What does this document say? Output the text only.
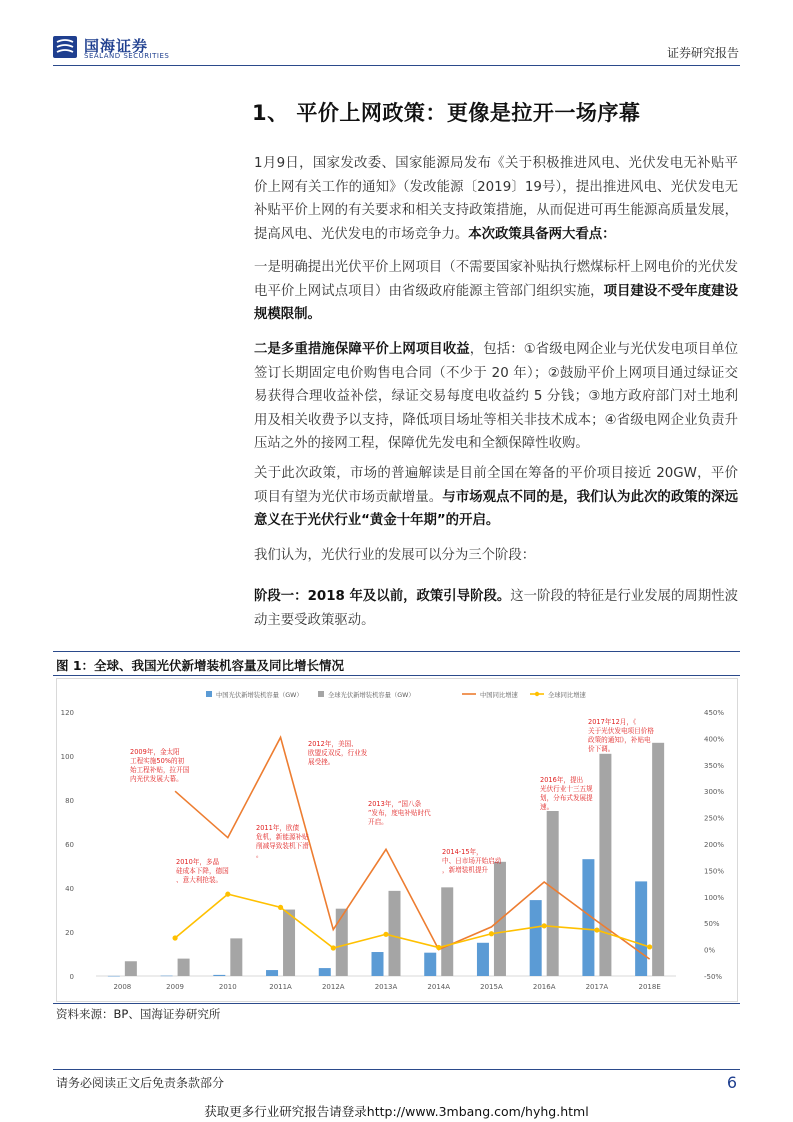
国海证券
SEALAND SECURITIES	证券研究报告
1、 平价上网政策：更像是拉开一场序幕
1月9日，国家发改委、国家能源局发布《关于积极推进风电、光伏发电无补贴平价上网有关工作的通知》（发改能源〔2019〕19号），提出推进风电、光伏发电无补贴平价上网的有关要求和相关支持政策措施，从而促进可再生能源高质量发展，提高风电、光伏发电的市场竞争力。本次政策具备两大看点：
一是明确提出光伏平价上网项目（不需要国家补贴执行燃煤标杆上网电价的光伏发电平价上网试点项目）由省级政府能源主管部门组织实施，项目建设不受年度建设规模限制。
二是多重措施保障平价上网项目收益，包括：①省级电网企业与光伏发电项目单位签订长期固定电价购售电合同（不少于 20 年）；②鼓励平价上网项目通过绿证交易获得合理收益补偿，绿证交易每度电收益约 5 分钱；③地方政府部门对土地利用及相关收费予以支持，降低项目场址等相关非技术成本；④省级电网企业负责升压站之外的接网工程，保障优先发电和全额保障性收购。
关于此次政策，市场的普遍解读是目前全国在筹备的平价项目接近 20GW，平价项目有望为光伏市场贡献增量。与市场观点不同的是，我们认为此次的政策的深远意义在于光伏行业“黄金十年期”的开启。
我们认为，光伏行业的发展可以分为三个阶段：
阶段一：2018 年及以前，政策引导阶段。这一阶段的特征是行业发展的周期性波动主要受政策驱动。
图 1：全球、我国光伏新增装机容量及同比增长情况
0
20
40
60
80
100
120
-50%
0%
50%
100%
150%
200%
250%
300%
350%
400%
450%
2008	2009	2010	2011A	2012A	2013A	2014A	2015A	2016A	2017A	2018E
中国光伏新增装机容量（GW）	全球光伏新增装机容量（GW）	中国同比增速	全球同比增速
2009年，金太阳
工程实施50%的初
始工程补贴，拉开国
内光伏发展大幕。
2010年，多晶
硅成本下降，德国
、意大利抢装。
2011年，欧债
危机，新能源补贴
削减导致装机下滑
。
2012年，美国、
欧盟反双反，行业发
展受挫。
2013年，“国八条
”发布，度电补贴时代
开启。
2014-15年，
中、日市场开始启动
，新增装机提升
2016年，提出
光伏行业十三五规
划，分布式发展提
速。
2017年12月，《
关于光伏发电项目价格
政策的通知》，补贴电
价下调。
资料来源：BP、国海证券研究所
请务必阅读正文后免责条款部分	6
获取更多行业研究报告请登录http://www.3mbang.com/hyhg.html
